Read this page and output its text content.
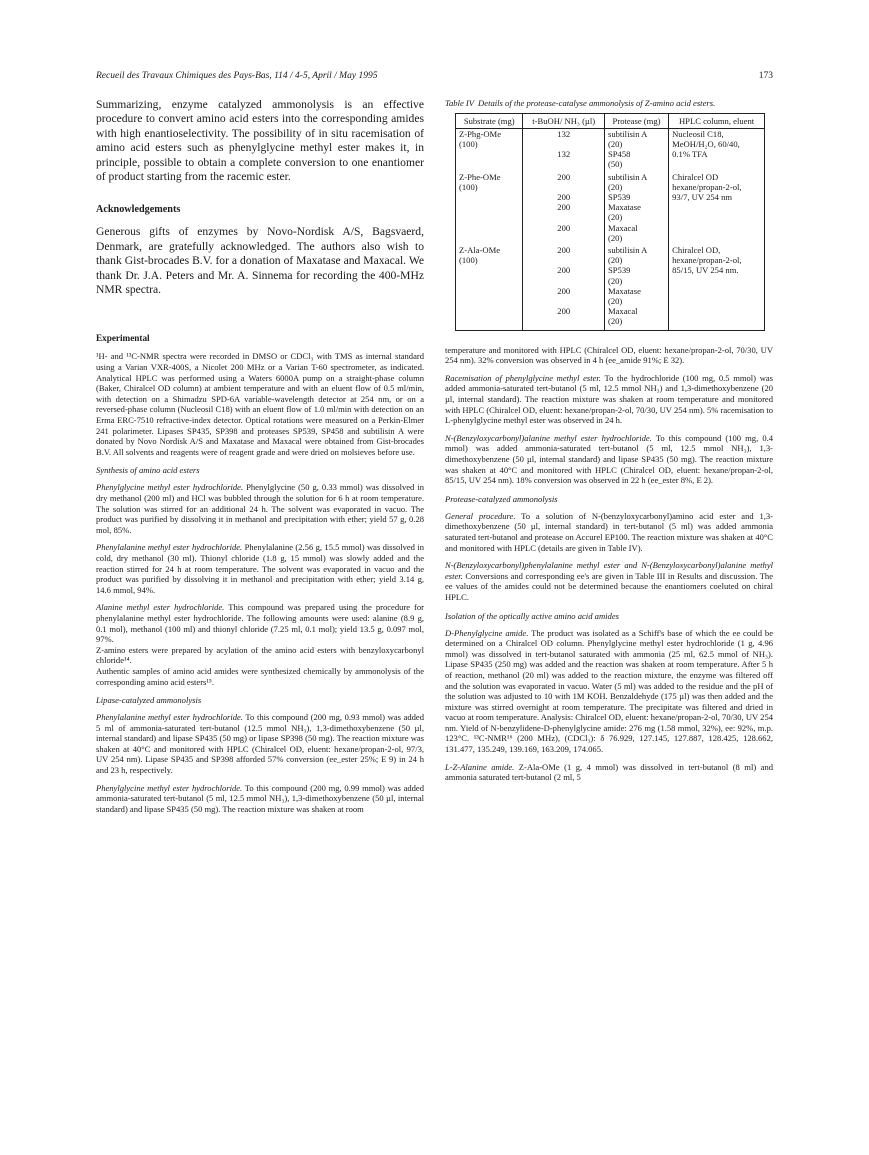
Recueil des Travaux Chimiques des Pays-Bas, 114 / 4-5, April / May 1995	173

Summarizing, enzyme catalyzed ammonolysis is an effective procedure to convert amino acid esters into the corresponding amides with high enantioselectivity. The possibility of in situ racemisation of amino acid esters such as phenylglycine methyl ester makes it, in principle, possible to obtain a complete conversion to one enantiomer of product starting from the racemic ester.

Acknowledgements

Generous gifts of enzymes by Novo-Nordisk A/S, Bagsvaerd, Denmark, are gratefully acknowledged. The authors also wish to thank Gist-brocades B.V. for a donation of Maxatase and Maxacal. We thank Dr. J.A. Peters and Mr. A. Sinnema for recording the 400-MHz NMR spectra.

Experimental

¹H- and ¹³C-NMR spectra were recorded in DMSO or CDCl₃ with TMS as internal standard using a Varian VXR-400S, a Nicolet 200 MHz or a Varian T-60 spectrometer, as indicated. Analytical HPLC was performed using a Waters 6000A pump on a straight-phase column (Baker, Chiralcel OD column) at ambient temperature and with an eluent flow of 0.5 ml/min, with detection on a Shimadzu SPD-6A variable-wavelength detector at 254 nm, or on a reversed-phase column (Nucleosil C18) with an eluent flow of 1.0 ml/min with detection on an Erma ERC-7510 refractive-index detector. Optical rotations were measured on a Perkin-Elmer 241 polarimeter. Lipases SP435, SP398 and proteases SP539, SP458 and subtilisin A were donated by Novo Nordisk A/S and Maxatase and Maxacal were obtained from Gist-brocades B.V. All solvents and reagents were of reagent grade and were dried on molsieves before use.

Synthesis of amino acid esters

Phenylglycine methyl ester hydrochloride. Phenylglycine (50 g, 0.33 mmol) was dissolved in dry methanol (200 ml) and HCl was bubbled through the solution for 6 h at room temperature. The solution was stirred for an additional 24 h. The solvent was evaporated in vacuo. The product was purified by dissolving it in methanol and precipitation with ether; yield 57 g, 0.28 mol, 85%.

Phenylalanine methyl ester hydrochloride. Phenylalanine (2.56 g, 15.5 mmol) was dissolved in cold, dry methanol (30 ml). Thionyl chloride (1.8 g, 15 mmol) was slowly added and the reaction stirred for 24 h at room temperature. The solvent was evaporated in vacuo and the product was purified by dissolving it in methanol and precipitation with ether; yield 3.14 g, 14.6 mmol, 94%.

Alanine methyl ester hydrochloride. This compound was prepared using the procedure for phenylalanine methyl ester hydrochloride. The following amounts were used: alanine (8.9 g, 0.1 mol), methanol (100 ml) and thionyl chloride (7.25 ml, 0.1 mol); yield 13.5 g, 0.097 mol, 97%.

Z-amino esters were prepared by acylation of the amino acid esters with benzyloxycarbonyl chloride¹⁴.

Authentic samples of amino acid amides were synthesized chemically by ammonolysis of the corresponding amino acid esters¹⁵.

Lipase-catalyzed ammonolysis

Phenylalanine methyl ester hydrochloride. To this compound (200 mg, 0.93 mmol) was added 5 ml of ammonia-saturated tert-butanol (12.5 mmol NH₃), 1,3-dimethoxybenzene (50 µl, internal standard) and lipase SP435 (50 mg) or lipase SP398 (50 mg). The reaction mixture was shaken at 40°C and monitored with HPLC (Chiralcel OD, eluent: hexane/propan-2-ol, 97/3, UV 254 nm). Lipase SP435 and SP398 afforded 57% conversion (ee_ester 25%; E 9) in 24 h and 23 h, respectively.

Phenylglycine methyl ester hydrochloride. To this compound (200 mg, 0.99 mmol) was added ammonia-saturated tert-butanol (5 ml, 12.5 mmol NH₃), 1,3-dimethoxybenzene (50 µl, internal standard) and lipase SP435 (50 mg). The reaction mixture was shaken at room

Table IV Details of the protease-catalyse ammonolysis of Z-amino acid esters.
Substrate (mg)	t-BuOH/ NH₃ (µl)	Protease (mg)	HPLC column, eluent
Z-Phg-OMe	132	subtilisin A	Nucleosil C18,
(100)		(20)	MeOH/H₂O, 60/40,
	132	SP458	0.1% TFA
		(50)	
Z-Phe-OMe	200	subtilisin A	Chiralcel OD
(100)		(20)	hexane/propan-2-ol,
	200	SP539	93/7, UV 254 nm
	200	Maxatase	
		(20)	
	200	Maxacal	
		(20)	
Z-Ala-OMe	200	subtilisin A	Chiralcel OD,
(100)		(20)	hexane/propan-2-ol,
	200	SP539	85/15, UV 254 nm.
		(20)	
	200	Maxatase	
		(20)	
	200	Maxacal	
		(20)	

temperature and monitored with HPLC (Chiralcel OD, eluent: hexane/propan-2-ol, 70/30, UV 254 nm). 32% conversion was observed in 4 h (ee_amide 91%; E 32).

Racemisation of phenylglycine methyl ester. To the hydrochloride (100 mg, 0.5 mmol) was added ammonia-saturated tert-butanol (5 ml, 12.5 mmol NH₃) and 1,3-dimethoxybenzene (20 µl, internal standard). The reaction mixture was shaken at room temperature and monitored with HPLC (Chiralcel OD, eluent: hexane/propan-2-ol, 70/30, UV 254 nm). 5% racemisation to L-phenylglycine methyl ester was observed in 24 h.

N-(Benzyloxycarbonyl)alanine methyl ester hydrochloride. To this compound (100 mg, 0.4 mmol) was added ammonia-saturated tert-butanol (5 ml, 12.5 mmol NH₃), 1,3-dimethoxybenzene (50 µl, internal standard) and lipase SP435 (50 mg). The reaction mixture was shaken at 40°C and monitored with HPLC (Chiralcel OD, eluent: hexane/propan-2-ol, 85/15, UV 254 nm). 18% conversion was observed in 22 h (ee_ester 8%, E 2).

Protease-catalyzed ammonolysis

General procedure. To a solution of N-(benzyloxycarbonyl)amino acid ester and 1,3-dimethoxybenzene (50 µl, internal standard) in tert-butanol (5 ml) was added ammonia saturated tert-butanol and protease on Accurel EP100. The reaction mixture was shaken at 40°C and monitored with HPLC (details are given in Table IV).

N-(Benzyloxycarbonyl)phenylalanine methyl ester and N-(Benzyloxycarbonyl)alanine methyl ester. Conversions and corresponding ee's are given in Table III in Results and discussion. The ee values of the amides could not be determined because the enantiomers coeluted on chiral HPLC.

Isolation of the optically active amino acid amides

D-Phenylglycine amide. The product was isolated as a Schiff's base of which the ee could be determined on a Chiralcel OD column. Phenylglycine methyl ester hydrochloride (1 g, 4.96 mmol) was dissolved in tert-butanol saturated with ammonia (25 ml, 62.5 mmol of NH₃). Lipase SP435 (250 mg) was added and the reaction was shaken at room temperature. After 5 h of reaction, methanol (20 ml) was added to the reaction mixture, the enzyme was filtered off and the solution was evaporated in vacuo. Water (5 ml) was added to the residue and the pH of the solution was adjusted to 10 with 1M KOH. Benzaldehyde (175 µl) was then added and the mixture was stirred overnight at room temperature. The precipitate was filtered and dried in vacuo at room temperature. Analysis: Chiralcel OD, eluent: hexane/propan-2-ol, 70/30, UV 254 nm. Yield of N-benzylidene-D-phenylglycine amide: 276 mg (1.58 mmol, 32%), ee: 92%, m.p. 123°C. ¹³C-NMR¹⁶ (200 MHz), (CDCl₃): δ 76.929, 127.145, 127.887, 128.425, 128.662, 131.477, 135.249, 139.169, 163.209, 174.065.

L-Z-Alanine amide. Z-Ala-OMe (1 g, 4 mmol) was dissolved in tert-butanol (8 ml) and ammonia saturated tert-butanol (2 ml, 5
